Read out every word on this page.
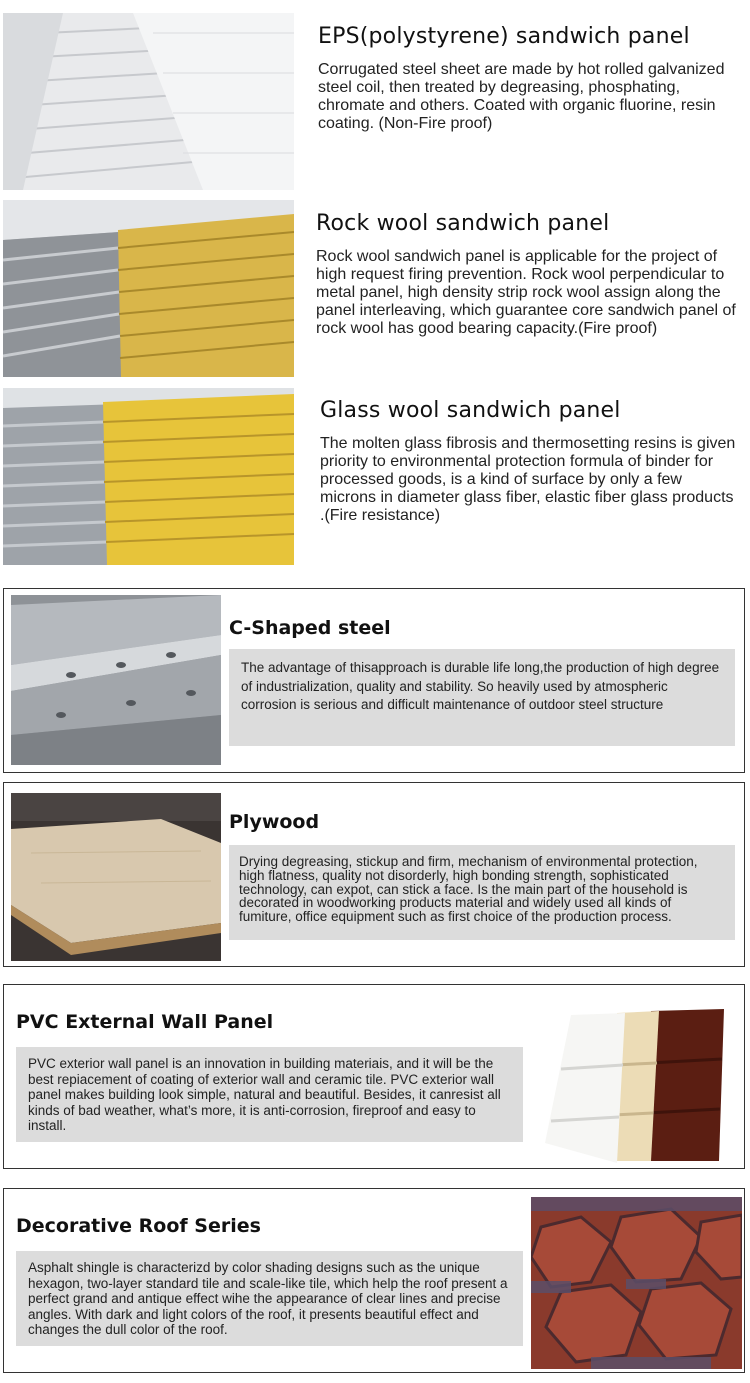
EPS(polystyrene) sandwich panel

Corrugated steel sheet are made by hot rolled galvanized steel coil, then treated by degreasing, phosphating, chromate and others. Coated with organic fluorine, resin coating. (Non-Fire proof)

Rock wool sandwich panel

Rock wool sandwich panel is applicable for the project of high request firing prevention. Rock wool perpendicular to metal panel, high density strip rock wool assign along the panel interleaving, which guarantee core sandwich panel of rock wool has good bearing capacity.(Fire proof)

Glass wool sandwich panel

The molten glass fibrosis and thermosetting resins is given priority to environmental protection formula of binder for processed goods, is a kind of surface by only a few microns in diameter glass fiber, elastic fiber glass products .(Fire resistance)

C-Shaped steel

The advantage of thisapproach is durable life long,the production of high degree of industrialization, quality and stability. So heavily used by atmospheric corrosion is serious and difficult maintenance of outdoor steel structure

Plywood

Drying degreasing, stickup and firm, mechanism of environmental protection, high flatness, quality not disorderly, high bonding strength, sophisticated technology, can expot, can stick a face. Is the main part of the household is decorated in woodworking products material and widely used all kinds of fumiture, office equipment such as first choice of the production process.

PVC External Wall Panel

PVC exterior wall panel is an innovation in building materiais, and it will be the best repiacement of coating of exterior wall and ceramic tile. PVC exterior wall panel makes building look simple, natural and beautiful. Besides, it canresist all kinds of bad weather, what’s more, it is anti-corrosion, fireproof and easy to install.

Decorative Roof Series

Asphalt shingle is characterizd by color shading designs such as the unique hexagon, two-layer standard tile and scale-like tile, which help the roof present a perfect grand and antique effect wihe the appearance of clear lines and precise angles. With dark and light colors of the roof, it presents beautiful effect and changes the dull color of the roof.
